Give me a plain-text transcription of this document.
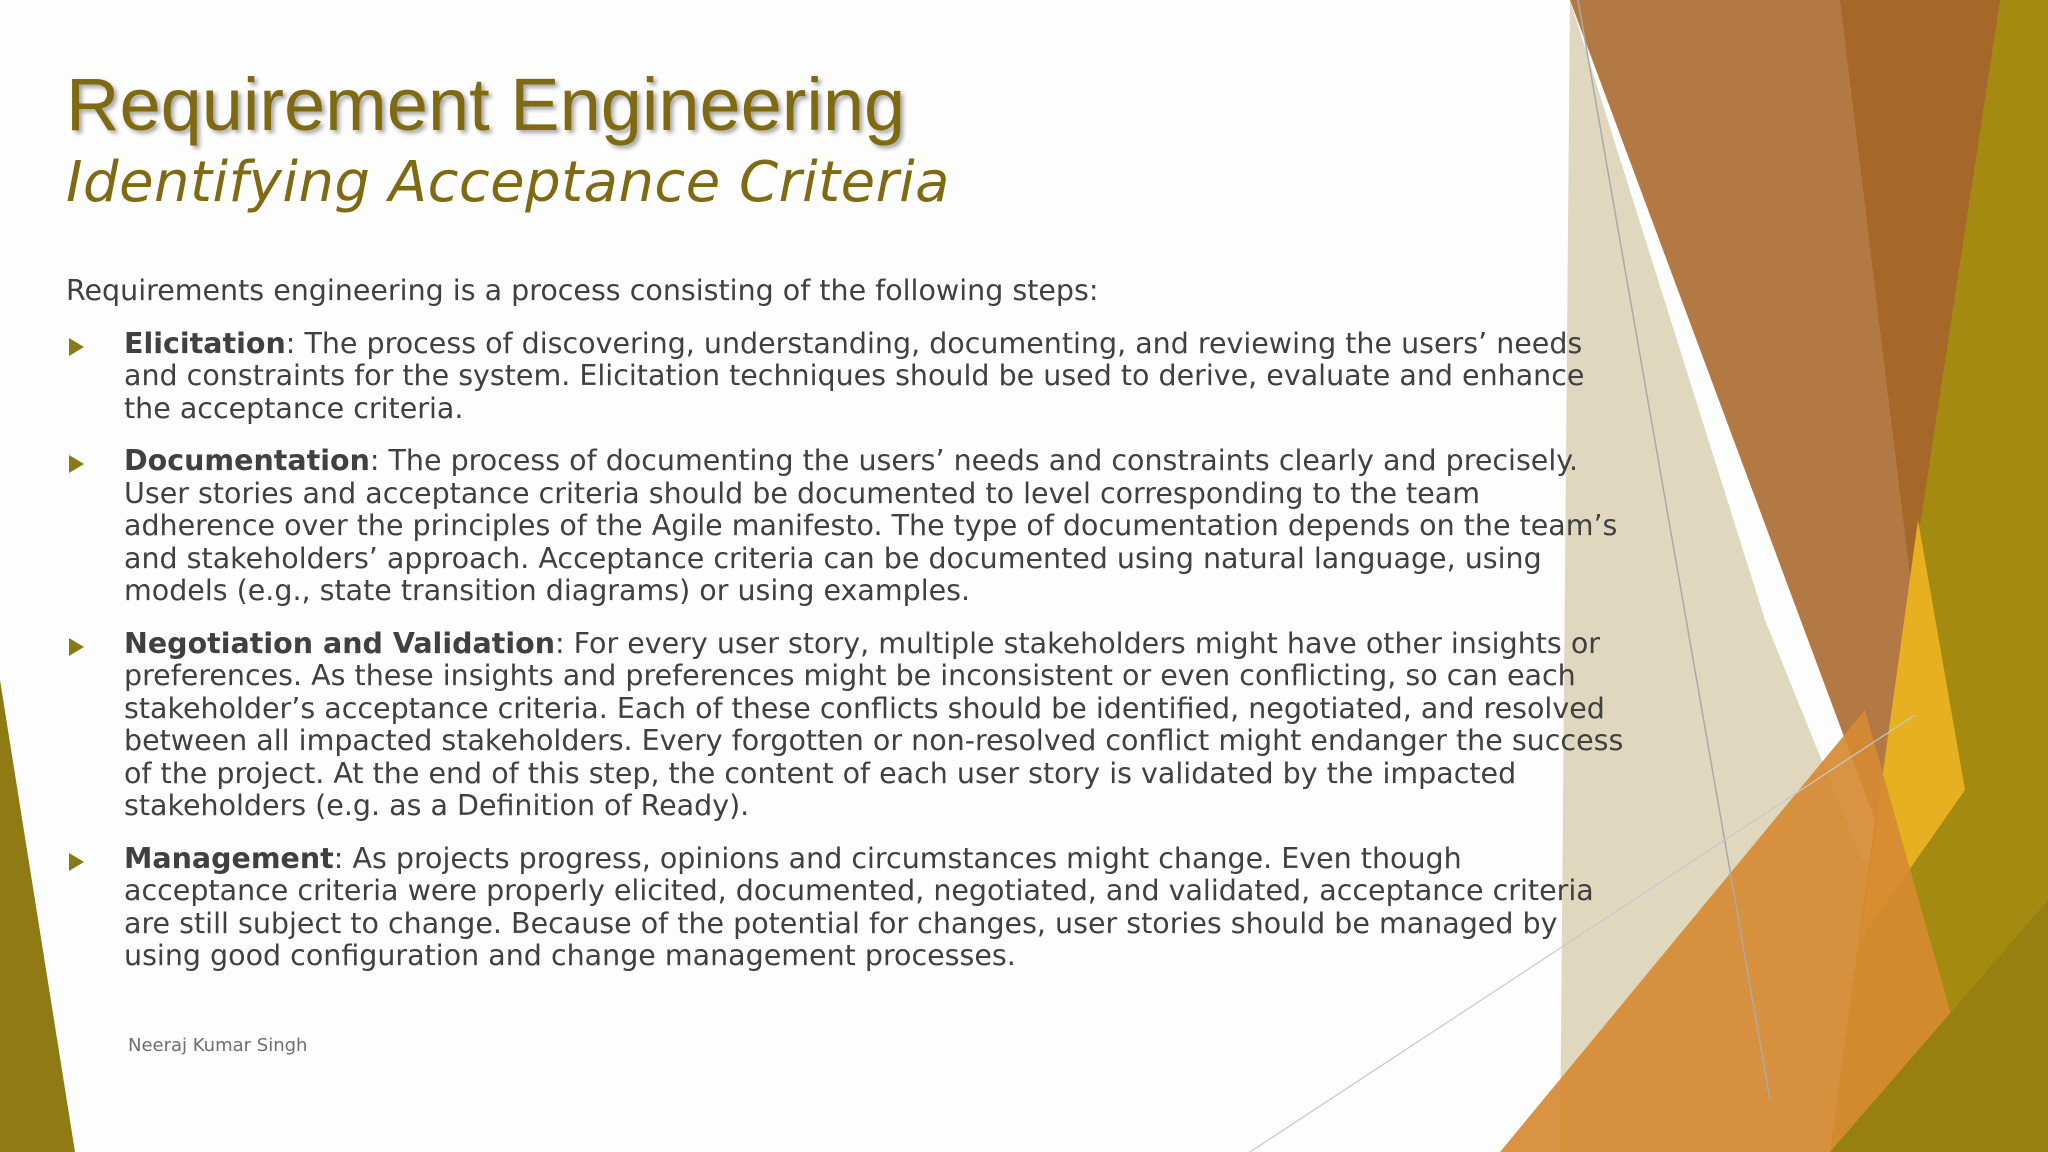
Requirement Engineering
Identifying Acceptance Criteria

Requirements engineering is a process consisting of the following steps:

Elicitation: The process of discovering, understanding, documenting, and reviewing the users’ needs and constraints for the system. Elicitation techniques should be used to derive, evaluate and enhance the acceptance criteria.
Documentation: The process of documenting the users’ needs and constraints clearly and precisely. User stories and acceptance criteria should be documented to level corresponding to the team adherence over the principles of the Agile manifesto. The type of documentation depends on the team’s and stakeholders’ approach. Acceptance criteria can be documented using natural language, using models (e.g., state transition diagrams) or using examples.
Negotiation and Validation: For every user story, multiple stakeholders might have other insights or preferences. As these insights and preferences might be inconsistent or even conflicting, so can each stakeholder’s acceptance criteria. Each of these conflicts should be identified, negotiated, and resolved between all impacted stakeholders. Every forgotten or non-resolved conflict might endanger the success of the project. At the end of this step, the content of each user story is validated by the impacted stakeholders (e.g. as a Definition of Ready).
Management: As projects progress, opinions and circumstances might change. Even though acceptance criteria were properly elicited, documented, negotiated, and validated, acceptance criteria are still subject to change. Because of the potential for changes, user stories should be managed by using good configuration and change management processes.
Neeraj Kumar Singh
